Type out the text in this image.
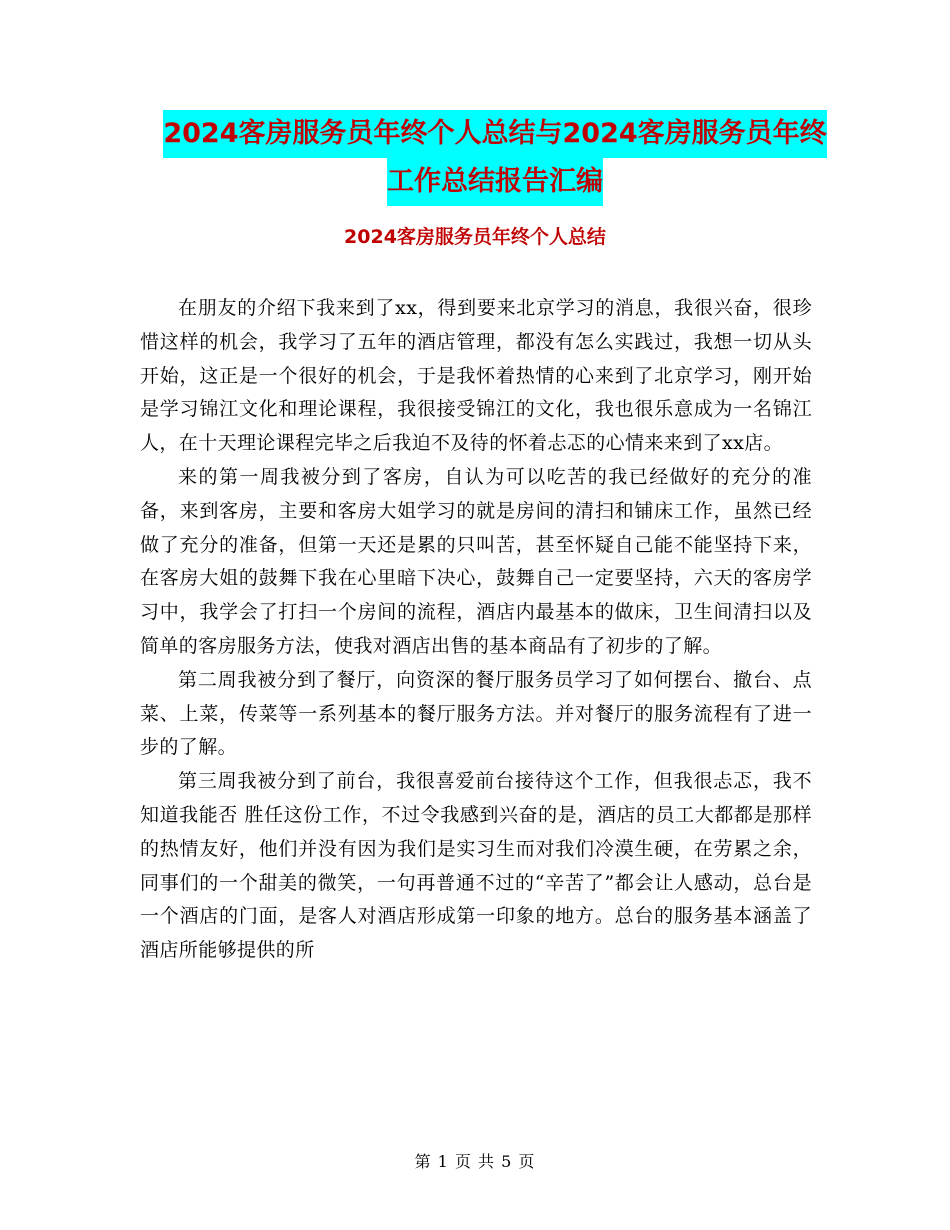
2024客房服务员年终个人总结与2024客房服务员年终
工作总结报告汇编
2024客房服务员年终个人总结

在朋友的介绍下我来到了xx，得到要来北京学习的消息，我很兴奋，很珍惜这样的机会，我学习了五年的酒店管理，都没有怎么实践过，我想一切从头开始，这正是一个很好的机会，于是我怀着热情的心来到了北京学习，刚开始是学习锦江文化和理论课程，我很接受锦江的文化，我也很乐意成为一名锦江人，在十天理论课程完毕之后我迫不及待的怀着忐忑的心情来来到了xx店。

来的第一周我被分到了客房，自认为可以吃苦的我已经做好的充分的准备，来到客房，主要和客房大姐学习的就是房间的清扫和铺床工作，虽然已经做了充分的准备，但第一天还是累的只叫苦，甚至怀疑自己能不能坚持下来，在客房大姐的鼓舞下我在心里暗下决心，鼓舞自己一定要坚持，六天的客房学习中，我学会了打扫一个房间的流程，酒店内最基本的做床，卫生间清扫以及简单的客房服务方法，使我对酒店出售的基本商品有了初步的了解。

第二周我被分到了餐厅，向资深的餐厅服务员学习了如何摆台、撤台、点菜、上菜，传菜等一系列基本的餐厅服务方法。并对餐厅的服务流程有了进一步的了解。

第三周我被分到了前台，我很喜爱前台接待这个工作，但我很忐忑，我不知道我能否 胜任这份工作，不过令我感到兴奋的是，酒店的员工大都都是那样的热情友好，他们并没有因为我们是实习生而对我们冷漠生硬，在劳累之余，同事们的一个甜美的微笑，一句再普通不过的“辛苦了”都会让人感动，总台是一个酒店的门面，是客人对酒店形成第一印象的地方。总台的服务基本涵盖了酒店所能够提供的所

第 1 页 共 5 页
